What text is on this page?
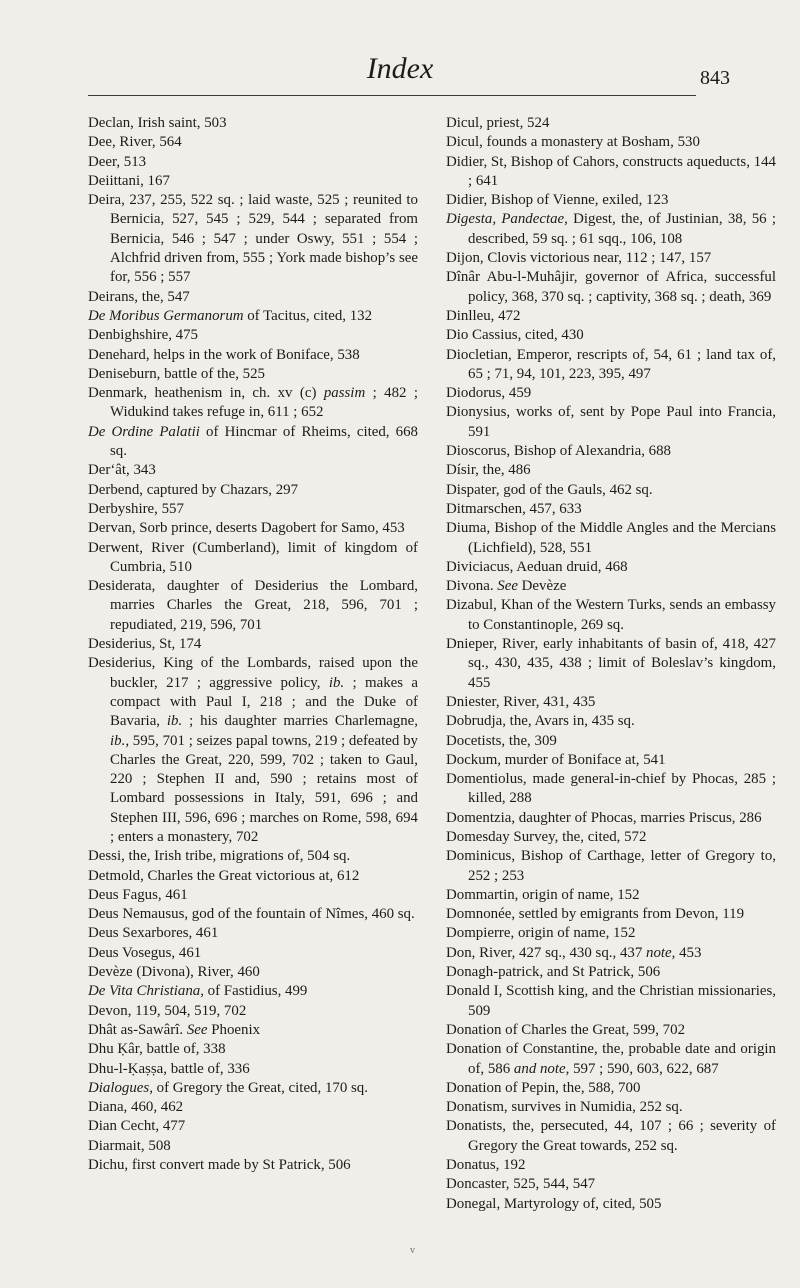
Index	843

Declan, Irish saint, 503

Dee, River, 564

Deer, 513

Deiittani, 167

Deira, 237, 255, 522 sq. ; laid waste, 525 ; reunited to Bernicia, 527, 545 ; 529, 544 ; separated from Bernicia, 546 ; 547 ; under Oswy, 551 ; 554 ; Alchfrid driven from, 555 ; York made bishop’s see for, 556 ; 557

Deirans, the, 547

De Moribus Germanorum of Tacitus, cited, 132

Denbighshire, 475

Denehard, helps in the work of Boniface, 538

Deniseburn, battle of the, 525

Denmark, heathenism in, ch. xv (c) passim ; 482 ; Widukind takes refuge in, 611 ; 652

De Ordine Palatii of Hincmar of Rheims, cited, 668 sq.

Der‘ât, 343

Derbend, captured by Chazars, 297

Derbyshire, 557

Dervan, Sorb prince, deserts Dagobert for Samo, 453

Derwent, River (Cumberland), limit of kingdom of Cumbria, 510

Desiderata, daughter of Desiderius the Lombard, marries Charles the Great, 218, 596, 701 ; repudiated, 219, 596, 701

Desiderius, St, 174

Desiderius, King of the Lombards, raised upon the buckler, 217 ; aggressive policy, ib. ; makes a compact with Paul I, 218 ; and the Duke of Bavaria, ib. ; his daughter marries Charlemagne, ib., 595, 701 ; seizes papal towns, 219 ; defeated by Charles the Great, 220, 599, 702 ; taken to Gaul, 220 ; Stephen II and, 590 ; retains most of Lombard possessions in Italy, 591, 696 ; and Stephen III, 596, 696 ; marches on Rome, 598, 694 ; enters a monastery, 702

Dessi, the, Irish tribe, migrations of, 504 sq.

Detmold, Charles the Great victorious at, 612

Deus Fagus, 461

Deus Nemausus, god of the fountain of Nîmes, 460 sq.

Deus Sexarbores, 461

Deus Vosegus, 461

Devèze (Divona), River, 460

De Vita Christiana, of Fastidius, 499

Devon, 119, 504, 519, 702

Dhât as-Sawârî. See Phoenix

Dhu Ḳâr, battle of, 338

Dhu-l-Ḳaṣṣa, battle of, 336

Dialogues, of Gregory the Great, cited, 170 sq.

Diana, 460, 462

Dian Cecht, 477

Diarmait, 508

Dichu, first convert made by St Patrick, 506

Dicul, priest, 524

Dicul, founds a monastery at Bosham, 530

Didier, St, Bishop of Cahors, constructs aqueducts, 144 ; 641

Didier, Bishop of Vienne, exiled, 123

Digesta, Pandectae, Digest, the, of Justinian, 38, 56 ; described, 59 sq. ; 61 sqq., 106, 108

Dijon, Clovis victorious near, 112 ; 147, 157

Dînâr Abu-l-Muhâjir, governor of Africa, successful policy, 368, 370 sq. ; captivity, 368 sq. ; death, 369

Dinlleu, 472

Dio Cassius, cited, 430

Diocletian, Emperor, rescripts of, 54, 61 ; land tax of, 65 ; 71, 94, 101, 223, 395, 497

Diodorus, 459

Dionysius, works of, sent by Pope Paul into Francia, 591

Dioscorus, Bishop of Alexandria, 688

Dísir, the, 486

Dispater, god of the Gauls, 462 sq.

Ditmarschen, 457, 633

Diuma, Bishop of the Middle Angles and the Mercians (Lichfield), 528, 551

Diviciacus, Aeduan druid, 468

Divona. See Devèze

Dizabul, Khan of the Western Turks, sends an embassy to Constantinople, 269 sq.

Dnieper, River, early inhabitants of basin of, 418, 427 sq., 430, 435, 438 ; limit of Boleslav’s kingdom, 455

Dniester, River, 431, 435

Dobrudja, the, Avars in, 435 sq.

Docetists, the, 309

Dockum, murder of Boniface at, 541

Domentiolus, made general-in-chief by Phocas, 285 ; killed, 288

Domentzia, daughter of Phocas, marries Priscus, 286

Domesday Survey, the, cited, 572

Dominicus, Bishop of Carthage, letter of Gregory to, 252 ; 253

Dommartin, origin of name, 152

Domnonée, settled by emigrants from Devon, 119

Dompierre, origin of name, 152

Don, River, 427 sq., 430 sq., 437 note, 453

Donagh-patrick, and St Patrick, 506

Donald I, Scottish king, and the Christian missionaries, 509

Donation of Charles the Great, 599, 702

Donation of Constantine, the, probable date and origin of, 586 and note, 597 ; 590, 603, 622, 687

Donation of Pepin, the, 588, 700

Donatism, survives in Numidia, 252 sq.

Donatists, the, persecuted, 44, 107 ; 66 ; severity of Gregory the Great towards, 252 sq.

Donatus, 192

Doncaster, 525, 544, 547

Donegal, Martyrology of, cited, 505

v
